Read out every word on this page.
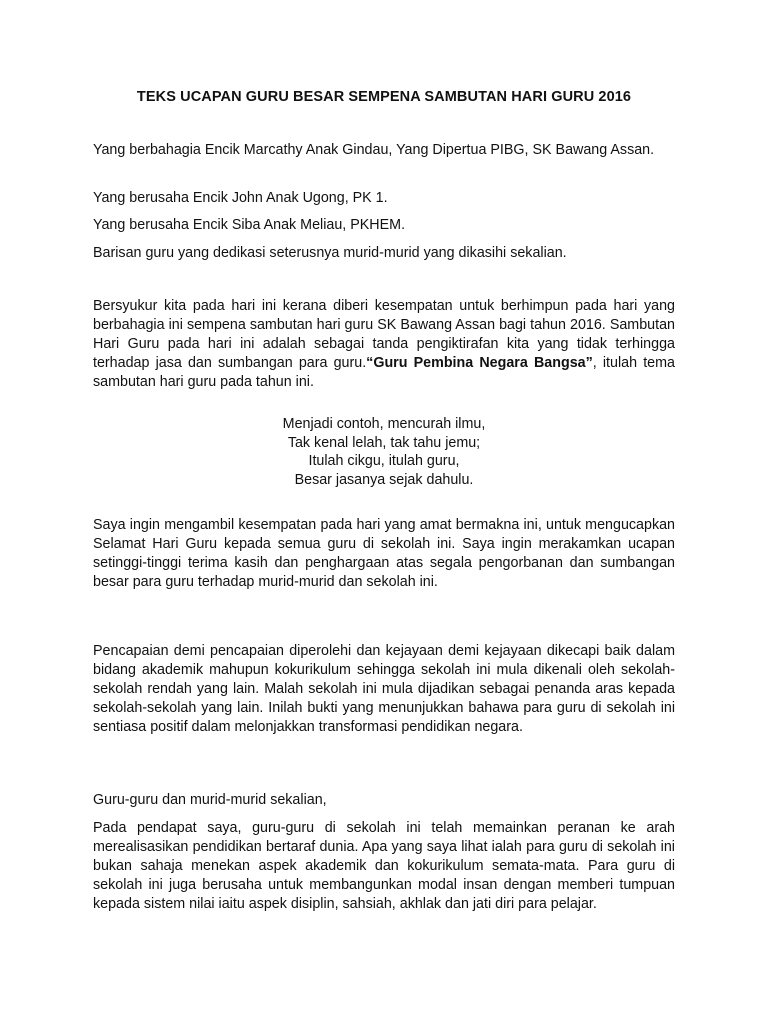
TEKS UCAPAN GURU BESAR SEMPENA SAMBUTAN HARI GURU 2016

Yang berbahagia Encik Marcathy Anak Gindau, Yang Dipertua PIBG, SK Bawang Assan.

Yang berusaha Encik John Anak Ugong, PK 1.

Yang berusaha Encik Siba Anak Meliau, PKHEM.

Barisan guru yang dedikasi seterusnya murid-murid yang dikasihi sekalian.

Bersyukur kita pada hari ini kerana diberi kesempatan untuk berhimpun pada hari yang berbahagia ini sempena sambutan hari guru SK Bawang Assan bagi tahun 2016. Sambutan Hari Guru pada hari ini adalah sebagai tanda pengiktirafan kita yang tidak terhingga terhadap jasa dan sumbangan para guru.“Guru Pembina Negara Bangsa”, itulah tema sambutan hari guru pada tahun ini.

Menjadi contoh, mencurah ilmu,
Tak kenal lelah, tak tahu jemu;
Itulah cikgu, itulah guru,
Besar jasanya sejak dahulu.

Saya ingin mengambil kesempatan pada hari yang amat bermakna ini, untuk mengucapkan Selamat Hari Guru kepada semua guru di sekolah ini. Saya ingin merakamkan ucapan setinggi-tinggi terima kasih dan penghargaan atas segala pengorbanan dan sumbangan besar para guru terhadap murid-murid dan sekolah ini.

Pencapaian demi pencapaian diperolehi dan kejayaan demi kejayaan dikecapi baik dalam bidang akademik mahupun kokurikulum sehingga sekolah ini mula dikenali oleh sekolah-sekolah rendah yang lain. Malah sekolah ini mula dijadikan sebagai penanda aras kepada sekolah-sekolah yang lain. Inilah bukti yang menunjukkan bahawa para guru di sekolah ini sentiasa positif dalam melonjakkan transformasi pendidikan negara.

Guru-guru dan murid-murid sekalian,

Pada pendapat saya, guru-guru di sekolah ini telah memainkan peranan ke arah merealisasikan pendidikan bertaraf dunia. Apa yang saya lihat ialah para guru di sekolah ini bukan sahaja menekan aspek akademik dan kokurikulum semata-mata. Para guru di sekolah ini juga berusaha untuk membangunkan modal insan dengan memberi tumpuan kepada sistem nilai iaitu aspek disiplin, sahsiah, akhlak dan jati diri para pelajar.
